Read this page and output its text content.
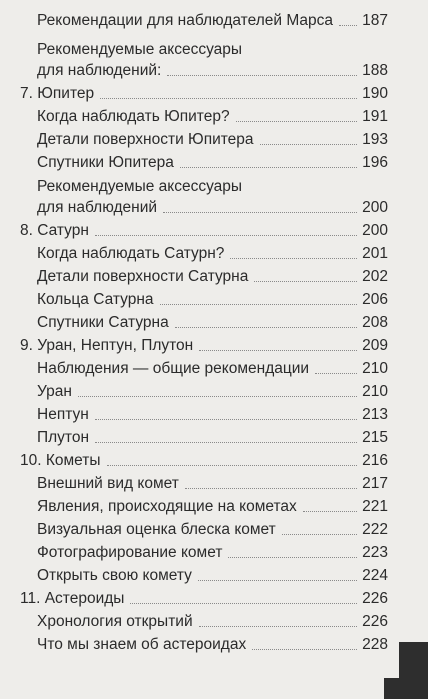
Рекомендации для наблюдателей Марса 187
Рекомендуемые аксессуары
для наблюдений:	188
7. Юпитер	190
Когда наблюдать Юпитер?	191
Детали поверхности Юпитера	193
Спутники Юпитера	196
Рекомендуемые аксессуары
для наблюдений	200
8. Сатурн	200
Когда наблюдать Сатурн?	201
Детали поверхности Сатурна	202
Кольца Сатурна	206
Спутники Сатурна	208
9. Уран, Нептун, Плутон	209
Наблюдения — общие рекомендации	210
Уран	210
Нептун	213
Плутон	215
10. Кометы	216
Внешний вид комет	217
Явления, происходящие на кометах	221
Визуальная оценка блеска комет	222
Фотографирование комет	223
Открыть свою комету	224
11. Астероиды	226
Хронология открытий	226
Что мы знаем об астероидах	228
